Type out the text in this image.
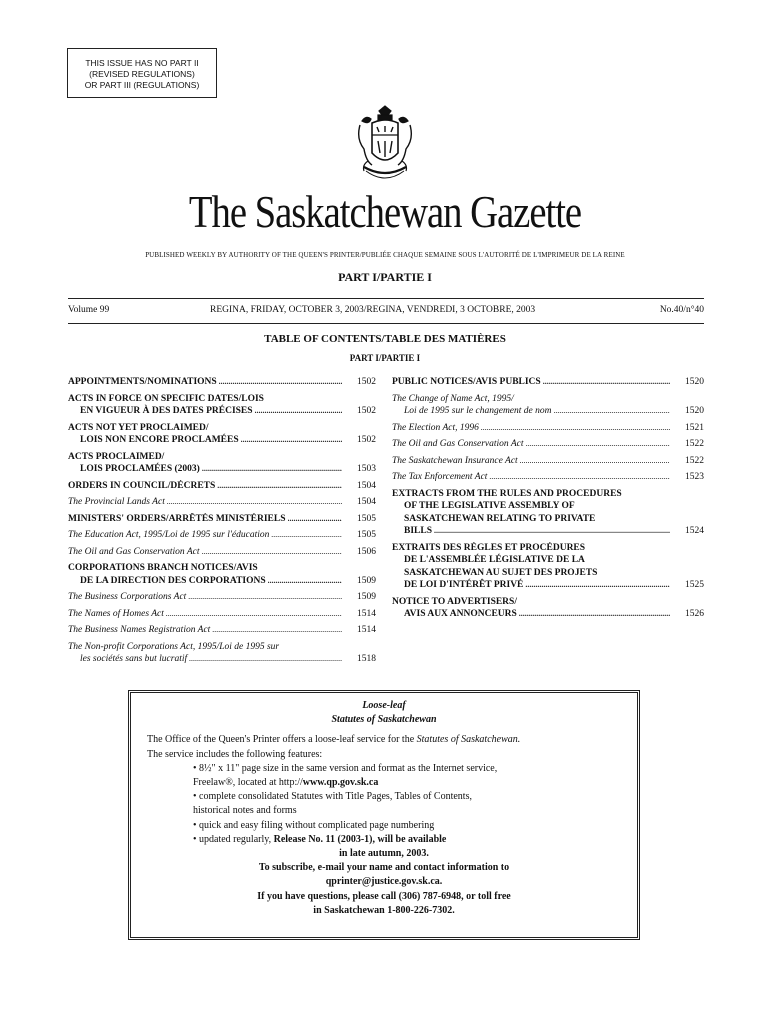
THIS ISSUE HAS NO PART II
(REVISED REGULATIONS)
OR PART III (REGULATIONS)
The Saskatchewan Gazette
PUBLISHED WEEKLY BY AUTHORITY OF THE QUEEN'S PRINTER/PUBLIÉE CHAQUE SEMAINE SOUS L'AUTORITÉ DE L'IMPRIMEUR DE LA REINE
PART I/PARTIE I
Volume 99	REGINA, FRIDAY, OCTOBER 3, 2003/REGINA, VENDREDI, 3 OCTOBRE, 2003	No.40/n°40
TABLE OF CONTENTS/TABLE DES MATIÈRES
PART I/PARTIE I
APPOINTMENTS/NOMINATIONS .....	1502
ACTS IN FORCE ON SPECIFIC DATES/LOIS
EN VIGUEUR À DES DATES PRÉCISES .....	1502
ACTS NOT YET PROCLAIMED/
LOIS NON ENCORE PROCLAMÉES .....	1502
ACTS PROCLAIMED/
LOIS PROCLAMÉES (2003) .....	1503
ORDERS IN COUNCIL/DÉCRETS .....	1504
The Provincial Lands Act .....	1504
MINISTERS' ORDERS/ARRÊTÉS MINISTÉRIELS .....	1505
The Education Act, 1995/Loi de 1995 sur l'éducation .....	1505
The Oil and Gas Conservation Act .....	1506
CORPORATIONS BRANCH NOTICES/AVIS
DE LA DIRECTION DES CORPORATIONS .....	1509
The Business Corporations Act .....	1509
The Names of Homes Act .....	1514
The Business Names Registration Act .....	1514
The Non-profit Corporations Act, 1995/Loi de 1995 sur
les sociétés sans but lucratif .....	1518
PUBLIC NOTICES/AVIS PUBLICS .....	1520
The Change of Name Act, 1995/
Loi de 1995 sur le changement de nom .....	1520
The Election Act, 1996 .....	1521
The Oil and Gas Conservation Act .....	1522
The Saskatchewan Insurance Act .....	1522
The Tax Enforcement Act .....	1523
EXTRACTS FROM THE RULES AND PROCEDURES
OF THE LEGISLATIVE ASSEMBLY OF
SASKATCHEWAN RELATING TO PRIVATE
BILLS .....	1524
EXTRAITS DES RÈGLES ET PROCÉDURES
DE L'ASSEMBLÉE LÉGISLATIVE DE LA
SASKATCHEWAN AU SUJET DES PROJETS
DE LOI D'INTÉRÊT PRIVÉ .....	1525
NOTICE TO ADVERTISERS/
AVIS AUX ANNONCEURS .....	1526
Loose-leaf
Statutes of Saskatchewan
The Office of the Queen's Printer offers a loose-leaf service for the Statutes of Saskatchewan.
The service includes the following features:
• 8½" x 11" page size in the same version and format as the Internet service,
Freelaw®, located at http://www.qp.gov.sk.ca
• complete consolidated Statutes with Title Pages, Tables of Contents,
historical notes and forms
• quick and easy filing without complicated page numbering
• updated regularly, Release No. 11 (2003-1), will be available
in late autumn, 2003.
To subscribe, e-mail your name and contact information to
qprinter@justice.gov.sk.ca.
If you have questions, please call (306) 787-6948, or toll free
in Saskatchewan 1-800-226-7302.
